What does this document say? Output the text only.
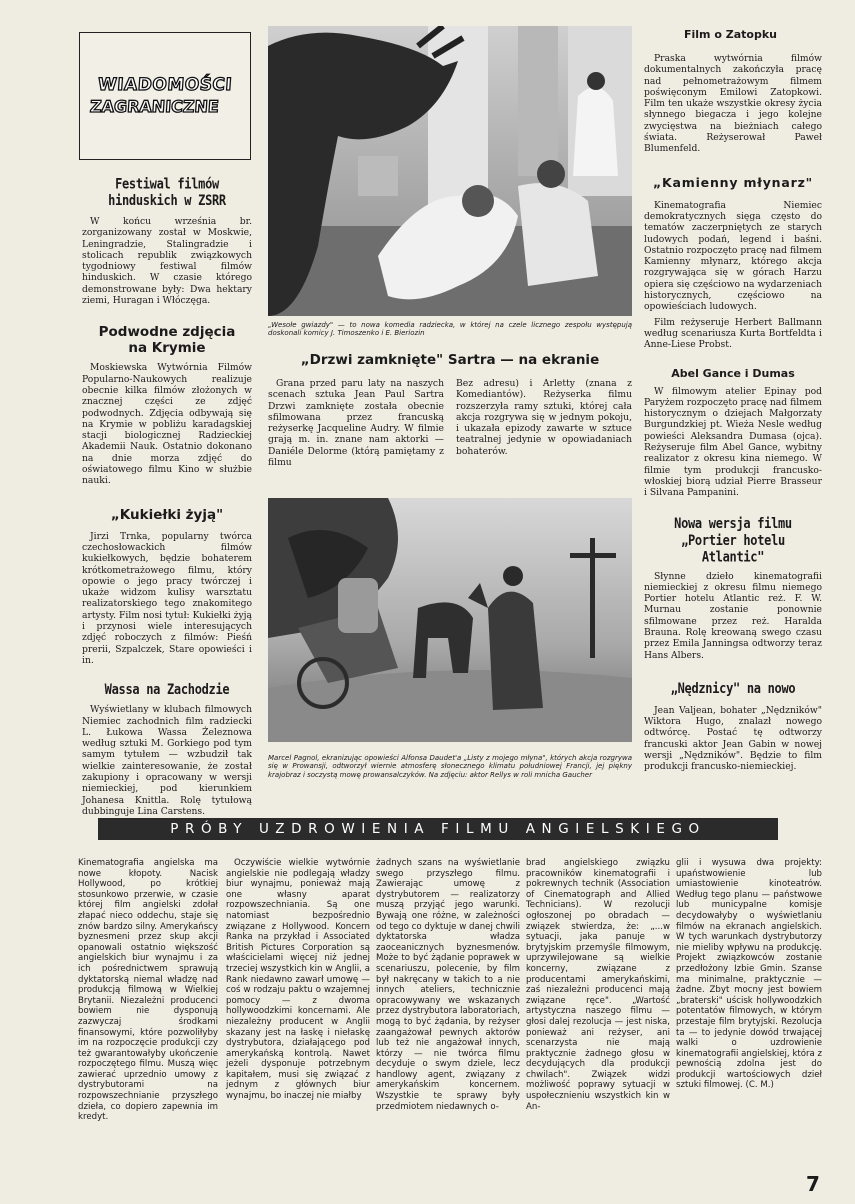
WIADOMOŚCI
ZAGRANICZNE
Festiwal filmów hinduskich w ZSRR

W końcu września br. zorganizowany został w Moskwie, Leningradzie, Stalingradzie i stolicach republik związkowych tygodniowy festiwal filmów hinduskich. W czasie którego demonstrowane były: Dwa hektary ziemi, Huragan i Włóczęga.

Podwodne zdjęcia na Krymie

Moskiewska Wytwórnia Filmów Popularno-Naukowych realizuje obecnie kilka filmów złożonych w znacznej części ze zdjęć podwodnych. Zdjęcia odbywają się na Krymie w pobliżu karadagskiej stacji biologicznej Radzieckiej Akademii Nauk. Ostatnio dokonano na dnie morza zdjęć do oświatowego filmu Kino w służbie nauki.

„Kukiełki żyją"

Jirzi Trnka, popularny twórca czechosłowackich filmów kukiełkowych, będzie bohaterem krótkometrażowego filmu, który opowie o jego pracy twórczej i ukaże widzom kulisy warsztatu realizatorskiego tego znakomitego artysty. Film nosi tytuł: Kukiełki żyją i przynosi wiele interesujących zdjęć roboczych z filmów: Pieśń prerii, Szpalczek, Stare opowieści i in.

Wassa na Zachodzie

Wyświetlany w klubach filmowych Niemiec zachodnich film radziecki L. Łukowa Wassa Żeleznowa według sztuki M. Gorkiego pod tym samym tytułem — wzbudził tak wielkie zainteresowanie, że został zakupiony i opracowany w wersji niemieckiej, pod kierunkiem Johanesa Knittla. Rolę tytułową dubbinguje Lina Carstens.

„Wesołe gwiazdy" — to nowa komedia radziecka, w której na czele licznego zespołu występują doskonali komicy J. Timoszenko i E. Bieriozin
„Drzwi zamknięte" Sartra — na ekranie

Grana przed paru laty na naszych scenach sztuka Jean Paul Sartra Drzwi zamknięte została obecnie sfilmowana przez francuską reżyserkę Jacqueline Audry. W filmie grają m. in. znane nam aktorki — Daniéle Delorme (którą pamiętamy z filmu

Bez adresu) i Arletty (znana z Komediantów). Reżyserka filmu rozszerzyła ramy sztuki, której cała akcja rozgrywa się w jednym pokoju, i ukazała epizody zawarte w sztuce teatralnej jedynie w opowiadaniach bohaterów.

Marcel Pagnol, ekranizując opowieści Alfonsa Daudet'a „Listy z mojego młyna", których akcja rozgrywa się w Prowansji, odtworzył wiernie atmosferę słonecznego klimatu południowej Francji, jej piękny krajobraz i soczystą mowę prowansalczyków. Na zdjęciu: aktor Rellys w roli mnicha Gaucher
Film o Zatopku

Praska wytwórnia filmów dokumentalnych zakończyła pracę nad pełnometrażowym filmem poświęconym Emilowi Zatopkowi. Film ten ukaże wszystkie okresy życia słynnego biegacza i jego kolejne zwycięstwa na bieżniach całego świata. Reżyserował Paweł Blumenfeld.

„Kamienny młynarz"

Kinematografia Niemiec demokratycznych sięga często do tematów zaczerpniętych ze starych ludowych podań, legend i baśni. Ostatnio rozpoczęto pracę nad filmem Kamienny młynarz, którego akcja rozgrywająca się w górach Harzu opiera się częściowo na wydarzeniach historycznych, częściowo na opowieściach ludowych.

Film reżyseruje Herbert Ballmann według scenariusza Kurta Bortfeldta i Anne-Liese Probst.

Abel Gance i Dumas

W filmowym atelier Epinay pod Paryżem rozpoczęto pracę nad filmem historycznym o dziejach Małgorzaty Burgundzkiej pt. Wieża Nesle według powieści Aleksandra Dumasa (ojca). Reżyseruje film Abel Gance, wybitny realizator z okresu kina niemego. W filmie tym produkcji francusko-włoskiej biorą udział Pierre Brasseur i Silvana Pampanini.

Nowa wersja filmu „Portier hotelu Atlantic"

Słynne dzieło kinematografii niemieckiej z okresu filmu niemego Portier hotelu Atlantic reż. F. W. Murnau zostanie ponownie sfilmowane przez reż. Haralda Brauna. Rolę kreowaną swego czasu przez Emila Janningsa odtworzy teraz Hans Albers.

„Nędznicy" na nowo

Jean Valjean, bohater „Nędzników" Wiktora Hugo, znalazł nowego odtwórcę. Postać tę odtworzy francuski aktor Jean Gabin w nowej wersji „Nędzników". Będzie to film produkcji francusko-niemieckiej.

PRÓBY UZDROWIENIA FILMU ANGIELSKIEGO

Kinematografia angielska ma nowe kłopoty. Nacisk Hollywood, po krótkiej stosunkowo przerwie, w czasie której film angielski zdołał złapać nieco oddechu, staje się znów bardzo silny. Amerykańscy byznesmeni przez skup akcji opanowali ostatnio większość angielskich biur wynajmu i za ich pośrednictwem sprawują dyktatorską niemal władzę nad produkcją filmową w Wielkiej Brytanii. Niezależni producenci bowiem nie dysponują zazwyczaj środkami finansowymi, które pozwoliłyby im na rozpoczęcie produkcji czy też gwarantowałyby ukończenie rozpoczętego filmu. Muszą więc zawierać uprzednio umowy z dystrybutorami na rozpowszechnianie przyszłego dzieła, co dopiero zapewnia im kredyt.

Oczywiście wielkie wytwórnie angielskie nie podlegają władzy biur wynajmu, ponieważ mają one własny aparat rozpowszechniania. Są one natomiast bezpośrednio związane z Hollywood. Koncern Ranka na przykład i Associated British Pictures Corporation są właścicielami więcej niż jednej trzeciej wszystkich kin w Anglii, a Rank niedawno zawarł umowę — coś w rodzaju paktu o wzajemnej pomocy — z dwoma hollywoodzkimi koncernami. Ale niezależny producent w Anglii skazany jest na łaskę i niełaskę dystrybutora, działającego pod amerykańską kontrolą. Nawet jeżeli dysponuje potrzebnym kapitałem, musi się związać z jednym z głównych biur wynajmu, bo inaczej nie miałby

żadnych szans na wyświetlanie swego przyszłego filmu. Zawierając umowę z dystrybutorem — realizatorzy muszą przyjąć jego warunki. Bywają one różne, w zależności od tego co dyktuje w danej chwili dyktatorska władza zaoceanicznych byznesmenów. Może to być żądanie poprawek w scenariuszu, polecenie, by film był nakręcany w takich to a nie innych ateliers, technicznie opracowywany we wskazanych przez dystrybutora laboratoriach, mogą to być żądania, by reżyser zaangażował pewnych aktorów lub też nie angażował innych, którzy — nie twórca filmu decyduje o swym dziele, lecz handlowy agent, związany z amerykańskim koncernem. Wszystkie te sprawy były przedmiotem niedawnych o-

brad angielskiego związku pracowników kinematografii i pokrewnych technik (Association of Cinematograph and Allied Technicians). W rezolucji ogłoszonej po obradach — związek stwierdza, że: „...w sytuacji, jaka panuje w brytyjskim przemyśle filmowym, uprzywilejowane są wielkie koncerny, związane z producentami amerykańskimi, zaś niezależni producenci mają związane ręce". „Wartość artystyczna naszego filmu — głosi dalej rezolucja — jest niska, ponieważ ani reżyser, ani scenarzysta nie mają praktycznie żadnego głosu w decydujących dla produkcji chwilach". Związek widzi możliwość poprawy sytuacji w uspołecznieniu wszystkich kin w An-

glii i wysuwa dwa projekty: upaństwowienie lub umiastowienie kinoteatrów. Według tego planu — państwowe lub municypalne komisje decydowałyby o wyświetlaniu filmów na ekranach angielskich. W tych warunkach dystrybutorzy nie mieliby wpływu na produkcję. Projekt związkowców zostanie przedłożony Izbie Gmin. Szanse ma minimalne, praktycznie — żadne. Zbyt mocny jest bowiem „braterski" uścisk hollywoodzkich potentatów filmowych, w którym przestaje film brytyjski. Rezolucja ta — to jedynie dowód trwającej walki o uzdrowienie kinematografii angielskiej, która z pewnością zdolna jest do produkcji wartościowych dzieł sztuki filmowej. (C. M.)

7
